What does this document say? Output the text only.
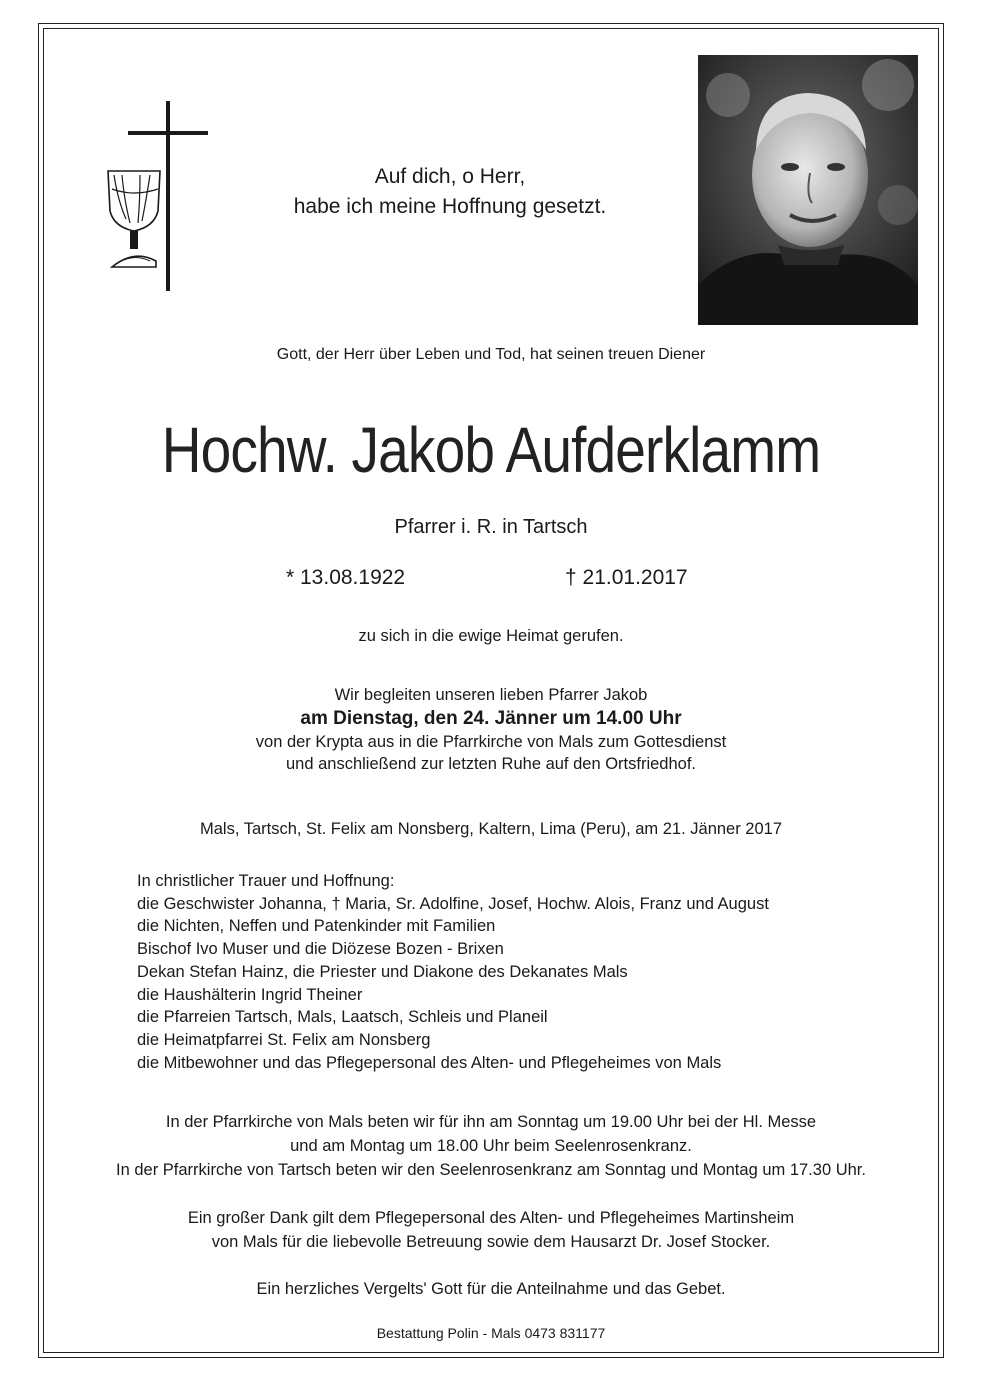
Auf dich, o Herr,
habe ich meine Hoffnung gesetzt.
Gott, der Herr über Leben und Tod, hat seinen treuen Diener
Hochw. Jakob Aufderklamm
Pfarrer i. R. in Tartsch
* 13.08.1922	† 21.01.2017
zu sich in die ewige Heimat gerufen.
Wir begleiten unseren lieben Pfarrer Jakob
am Dienstag, den 24. Jänner um 14.00 Uhr
von der Krypta aus in die Pfarrkirche von Mals zum Gottesdienst
und anschließend zur letzten Ruhe auf den Ortsfriedhof.
Mals, Tartsch, St. Felix am Nonsberg, Kaltern, Lima (Peru), am 21. Jänner 2017
In christlicher Trauer und Hoffnung:
die Geschwister Johanna, † Maria, Sr. Adolfine, Josef, Hochw. Alois, Franz und August
die Nichten, Neffen und Patenkinder mit Familien
Bischof Ivo Muser und die Diözese Bozen - Brixen
Dekan Stefan Hainz, die Priester und Diakone des Dekanates Mals
die Haushälterin Ingrid Theiner
die Pfarreien Tartsch, Mals, Laatsch, Schleis und Planeil
die Heimatpfarrei St. Felix am Nonsberg
die Mitbewohner und das Pflegepersonal des Alten- und Pflegeheimes von Mals
In der Pfarrkirche von Mals beten wir für ihn am Sonntag um 19.00 Uhr bei der Hl. Messe
und am Montag um 18.00 Uhr beim Seelenrosenkranz.
In der Pfarrkirche von Tartsch beten wir den Seelenrosenkranz am Sonntag und Montag um 17.30 Uhr.
Ein großer Dank gilt dem Pflegepersonal des Alten- und Pflegeheimes Martinsheim
von Mals für die liebevolle Betreuung sowie dem Hausarzt Dr. Josef Stocker.
Ein herzliches Vergelts' Gott für die Anteilnahme und das Gebet.
Bestattung Polin - Mals 0473 831177
